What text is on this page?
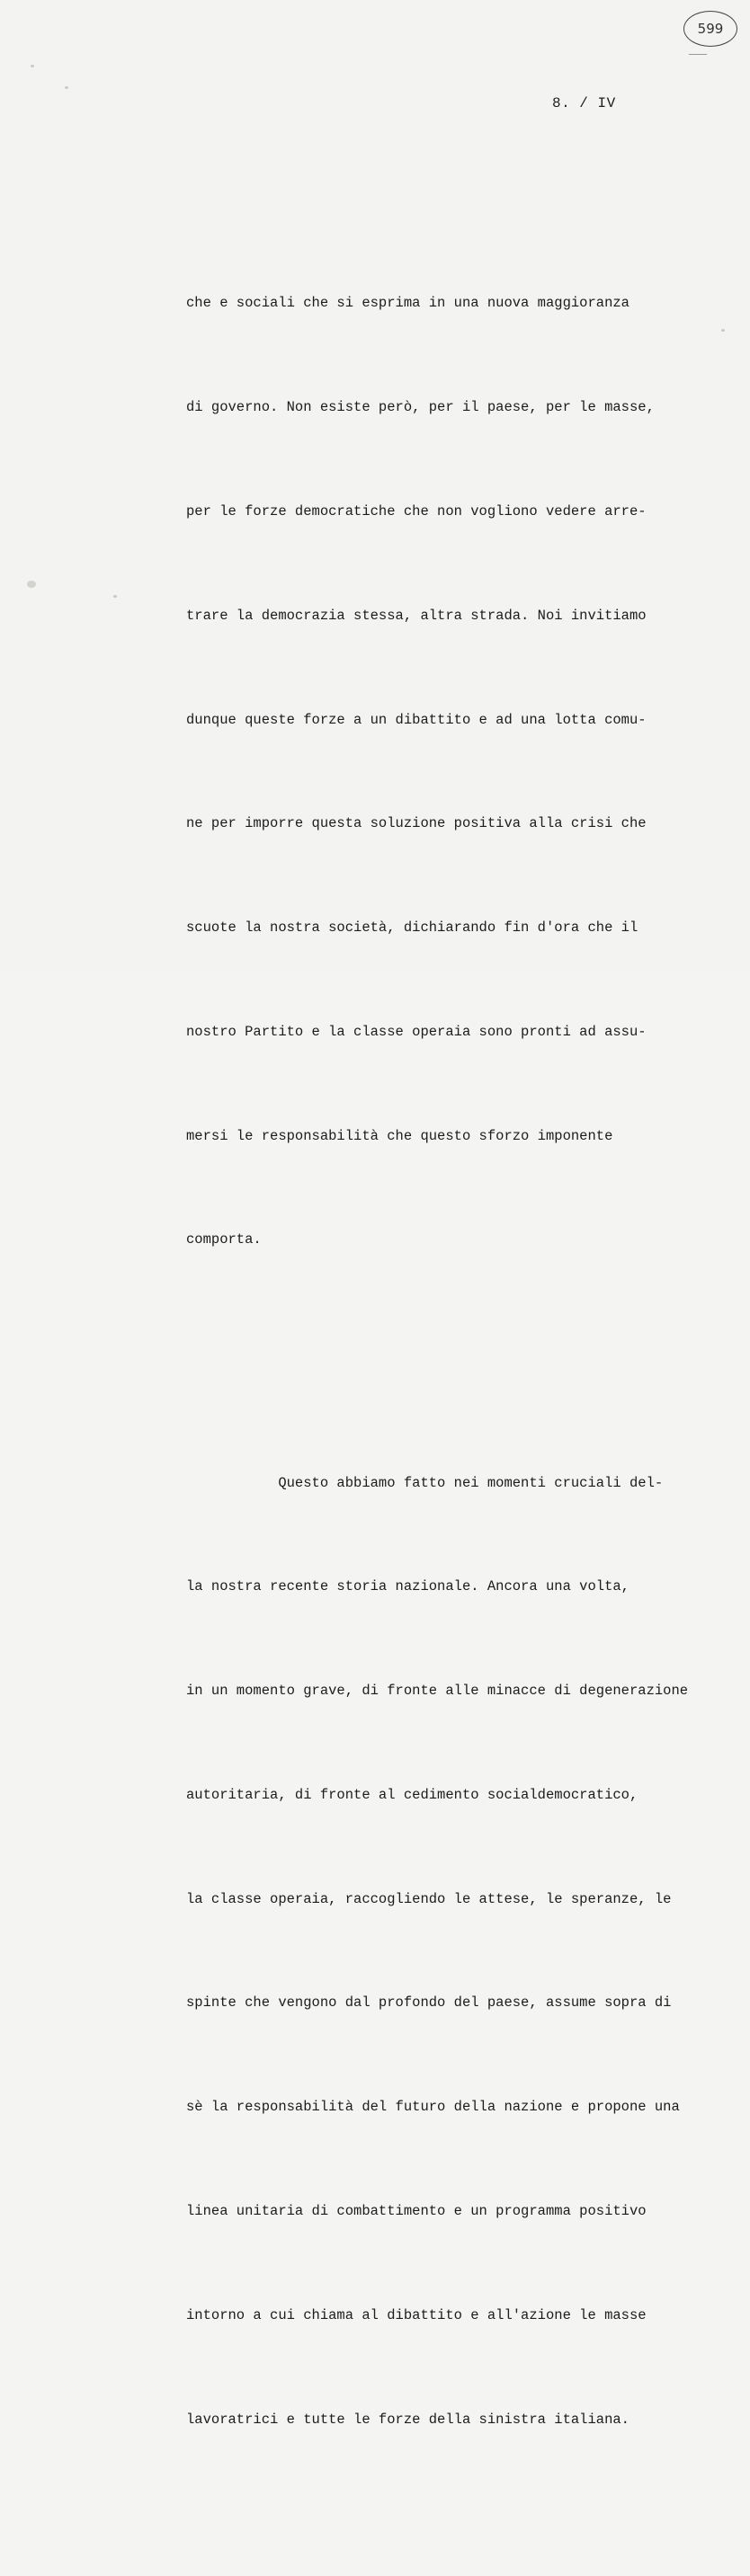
599
8. / IV

che e sociali che si esprima in una nuova maggioranza

di governo. Non esiste però, per il paese, per le masse,

per le forze democratiche che non vogliono vedere arre-

trare la democrazia stessa, altra strada. Noi invitiamo

dunque queste forze a un dibattito e ad una lotta comu-

ne per imporre questa soluzione positiva alla crisi che

scuote la nostra società, dichiarando fin d'ora che il

nostro Partito e la classe operaia sono pronti ad assu-

mersi le responsabilità che questo sforzo imponente

comporta.

Questo abbiamo fatto nei momenti cruciali del-

la nostra recente storia nazionale. Ancora una volta,

in un momento grave, di fronte alle minacce di degenerazione

autoritaria, di fronte al cedimento socialdemocratico,

la classe operaia, raccogliendo le attese, le speranze, le

spinte che vengono dal profondo del paese, assume sopra di

sè la responsabilità del futuro della nazione e propone una

linea unitaria di combattimento e un programma positivo

intorno a cui chiama al dibattito e all'azione le masse

lavoratrici e tutte le forze della sinistra italiana.
